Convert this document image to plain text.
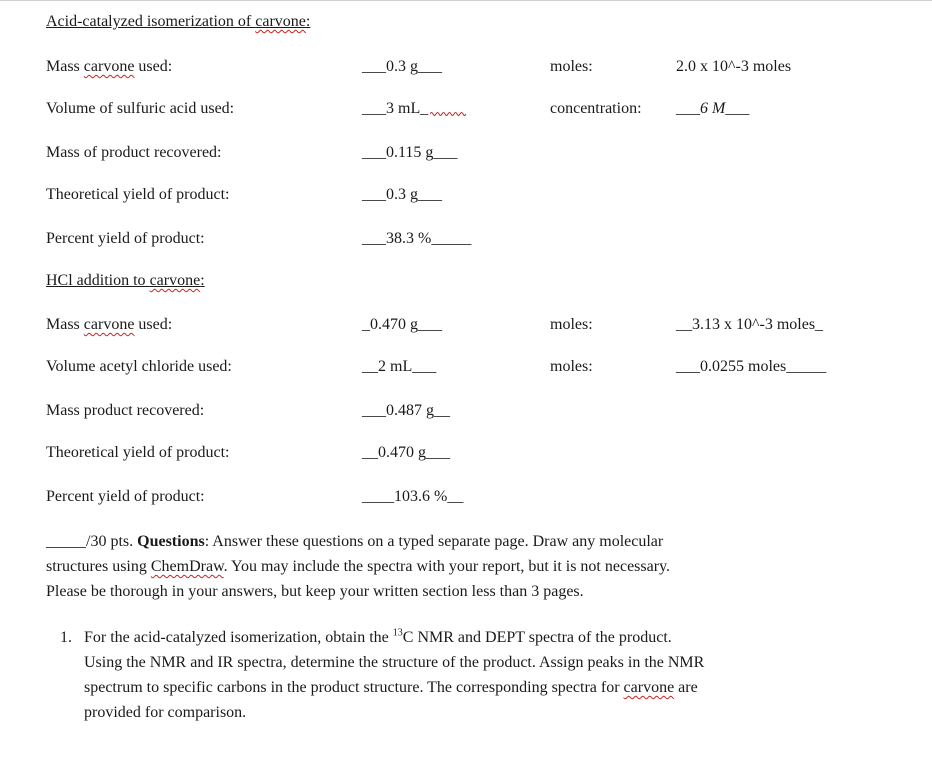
Acid-catalyzed isomerization of carvone:
Mass carvone used:	___0.3 g___	moles:	2.0 x 10^-3 moles
Volume of sulfuric acid used:	___3 mL_	concentration: ___6 M___
Mass of product recovered:	___0.115 g___
Theoretical yield of product:	___0.3 g___
Percent yield of product:	___38.3 %_____
HCl addition to carvone:
Mass carvone used:	_0.470 g___	moles:	__3.13 x 10^-3 moles_
Volume acetyl chloride used:	__2 mL___	moles:	___0.0255 moles_____
Mass product recovered:	___0.487 g__
Theoretical yield of product:	__0.470 g___
Percent yield of product:	____103.6 %__
_____/30 pts. Questions: Answer these questions on a typed separate page. Draw any molecular
structures using ChemDraw. You may include the spectra with your report, but it is not necessary.
Please be thorough in your answers, but keep your written section less than 3 pages.
1. For the acid-catalyzed isomerization, obtain the $^{13}$C NMR and DEPT spectra of the product.
Using the NMR and IR spectra, determine the structure of the product. Assign peaks in the NMR
spectrum to specific carbons in the product structure. The corresponding spectra for carvone are
provided for comparison.
